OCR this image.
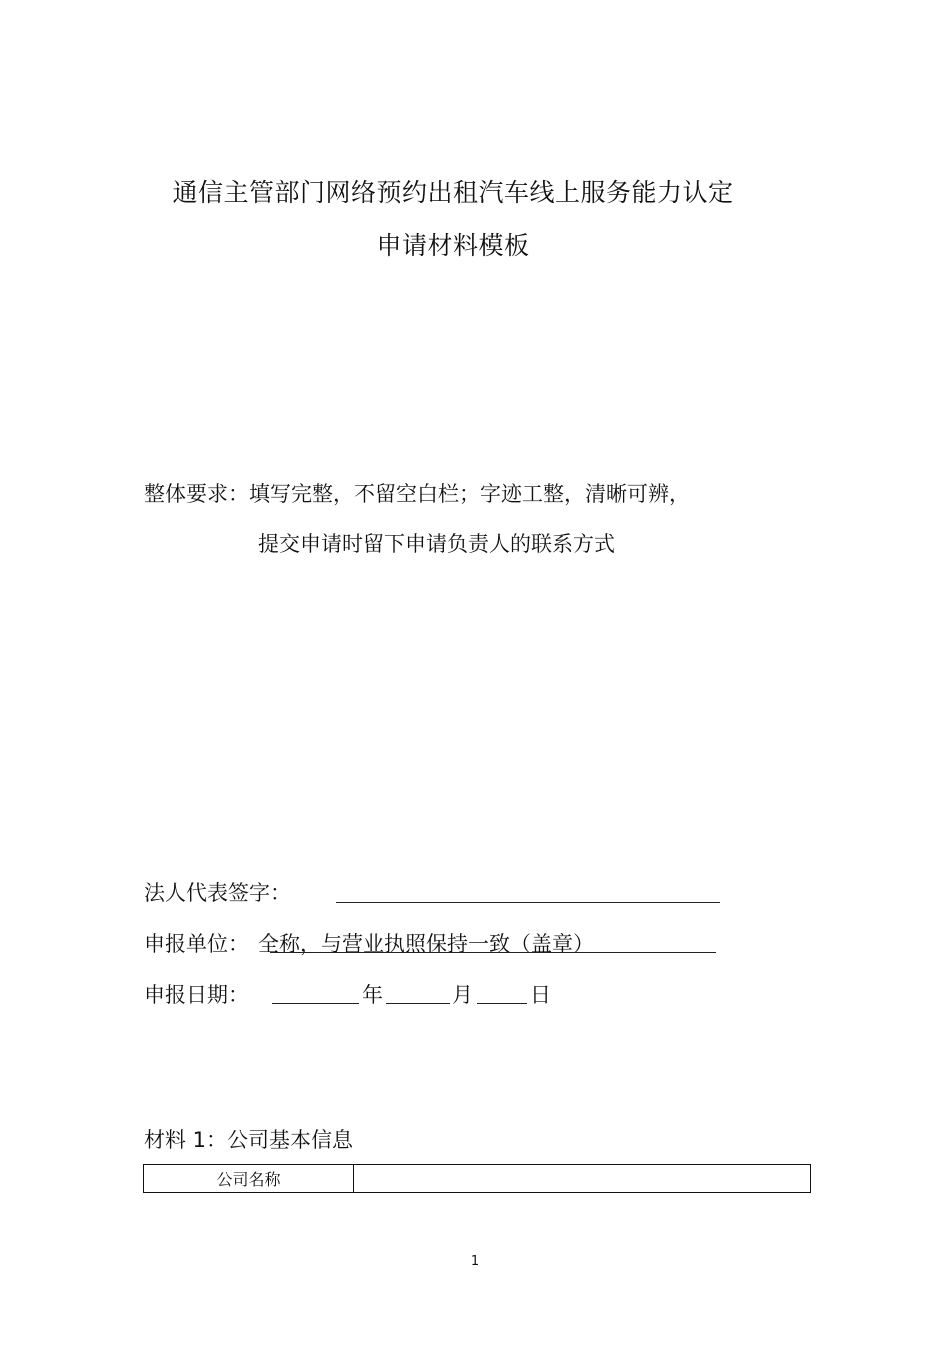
通信主管部门网络预约出租汽车线上服务能力认定
申请材料模板
整体要求：填写完整，不留空白栏；字迹工整，清晰可辨，
提交申请时留下申请负责人的联系方式
法人代表签字：
申报单位： 全称，与营业执照保持一致（盖章）
申报日期：	年	月	日
材料 1：公司基本信息
公司名称	
1
